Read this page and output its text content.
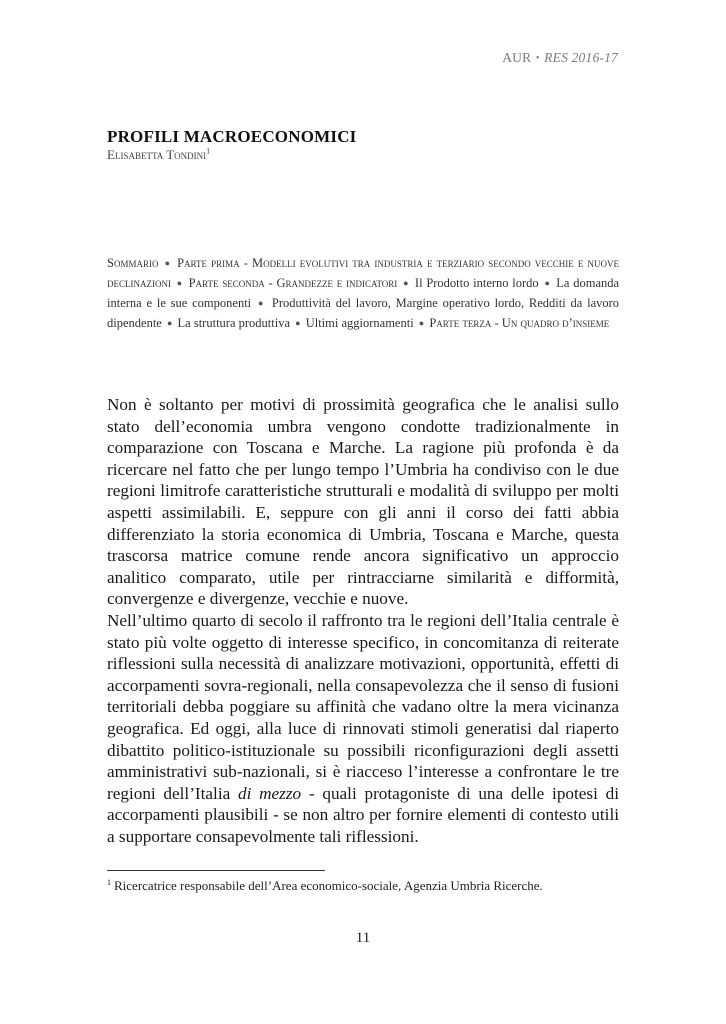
AUR • RES 2016-17
PROFILI MACROECONOMICI
Elisabetta Tondini$^1$
Sommario ● Parte prima - Modelli evolutivi tra industria e terziario secondo vecchie e nuove declinazioni ● Parte seconda - Grandezze e indicatori ● Il Prodotto interno lordo ● La domanda interna e le sue componenti ● Produttività del lavoro, Margine operativo lordo, Redditi da lavoro dipendente ● La struttura produttiva ● Ultimi aggiornamenti ● Parte terza - Un quadro d’insieme

Non è soltanto per motivi di prossimità geografica che le analisi sullo stato dell’economia umbra vengono condotte tradizionalmente in comparazione con Toscana e Marche. La ragione più profonda è da ricercare nel fatto che per lungo tempo l’Umbria ha condiviso con le due regioni limitrofe caratteristiche strutturali e modalità di sviluppo per molti aspetti assimilabili. E, seppure con gli anni il corso dei fatti abbia differenziato la storia economica di Umbria, Toscana e Marche, questa trascorsa matrice comune rende ancora significativo un approccio analitico comparato, utile per rintracciarne similarità e difformità, convergenze e divergenze, vecchie e nuove.

Nell’ultimo quarto di secolo il raffronto tra le regioni dell’Italia centrale è stato più volte oggetto di interesse specifico, in concomitanza di reiterate riflessioni sulla necessità di analizzare motivazioni, opportunità, effetti di accorpamenti sovra-regionali, nella consapevolezza che il senso di fusioni territoriali debba poggiare su affinità che vadano oltre la mera vicinanza geografica. Ed oggi, alla luce di rinnovati stimoli generatisi dal riaperto dibattito politico-istituzionale su possibili riconfigurazioni degli assetti amministrativi sub-nazionali, si è riacceso l’interesse a confrontare le tre regioni dell’Italia di mezzo - quali protagoniste di una delle ipotesi di accorpamenti plausibili - se non altro per fornire elementi di contesto utili a supportare consapevolmente tali riflessioni.

$^1$ Ricercatrice responsabile dell’Area economico-sociale, Agenzia Umbria Ricerche.
11
